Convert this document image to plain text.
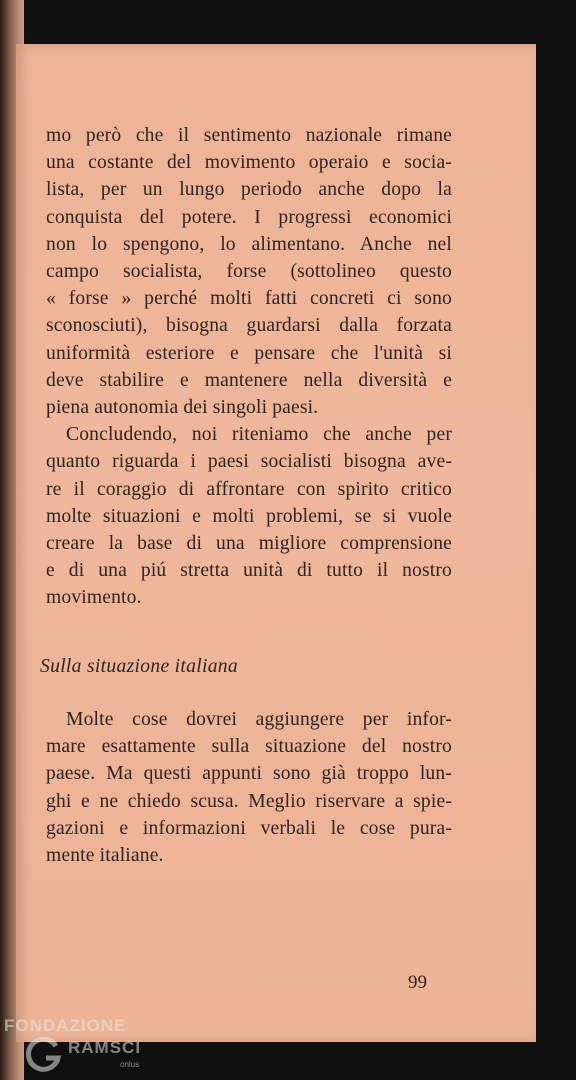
mo però che il sentimento nazionale rimane
una costante del movimento operaio e socia-
lista, per un lungo periodo anche dopo la
conquista del potere. I progressi economici
non lo spengono, lo alimentano. Anche nel
campo socialista, forse (sottolineo questo
« forse » perché molti fatti concreti ci sono
sconosciuti), bisogna guardarsi dalla forzata
uniformità esteriore e pensare che l'unità si
deve stabilire e mantenere nella diversità e
piena autonomia dei singoli paesi.
Concludendo, noi riteniamo che anche per
quanto riguarda i paesi socialisti bisogna ave-
re il coraggio di affrontare con spirito critico
molte situazioni e molti problemi, se si vuole
creare la base di una migliore comprensione
e di una piú stretta unità di tutto il nostro
movimento.
Sulla situazione italiana
Molte cose dovrei aggiungere per infor-
mare esattamente sulla situazione del nostro
paese. Ma questi appunti sono già troppo lun-
ghi e ne chiedo scusa. Meglio riservare a spie-
gazioni e informazioni verbali le cose pura-
mente italiane.
99
FONDAZIONE
RAMSCI
onlus
